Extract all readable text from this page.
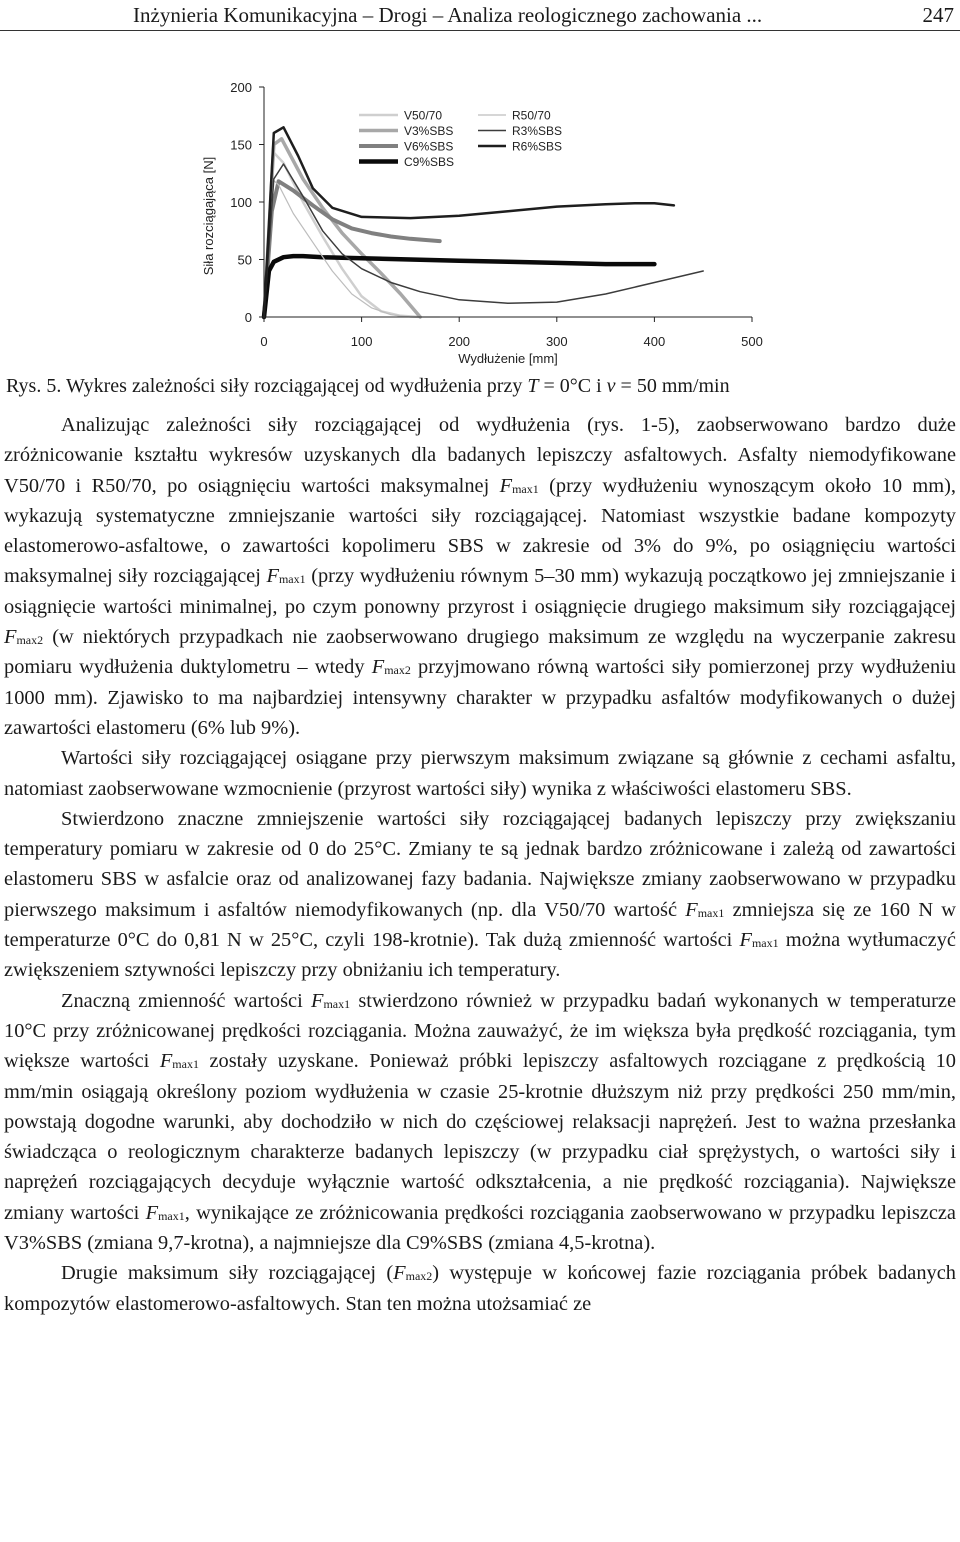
Inżynieria Komunikacyjna – Drogi – Analiza reologicznego zachowania ...	247
0
50
100
150
200
0	100	200	300	400	500
Wydłużenie [mm]
Siła rozciągająca [N]
V50/70
V3%SBS
V6%SBS
C9%SBS
R50/70
R3%SBS
R6%SBS
Rys. 5. Wykres zależności siły rozciągającej od wydłużenia przy T = 0°C i v = 50 mm/min

Analizując zależności siły rozciągającej od wydłużenia (rys. 1-5), zaobserwowano bardzo duże zróżnicowanie kształtu wykresów uzyskanych dla badanych lepiszczy asfaltowych. Asfalty niemodyfikowane V50/70 i R50/70, po osiągnięciu wartości maksymalnej $F_{max1}$ (przy wydłużeniu wynoszącym około 10 mm), wykazują systematyczne zmniejszanie wartości siły rozciągającej. Natomiast wszystkie badane kompozyty elastomerowo-asfaltowe, o zawartości kopolimeru SBS w zakresie od 3% do 9%, po osiągnięciu wartości maksymalnej siły rozciągającej $F_{max1}$ (przy wydłużeniu równym 5–30 mm) wykazują początkowo jej zmniejszanie i osiągnięcie wartości minimalnej, po czym ponowny przyrost i osiągnięcie drugiego maksimum siły rozciągającej $F_{max2}$ (w niektórych przypadkach nie zaobserwowano drugiego maksimum ze względu na wyczerpanie zakresu pomiaru wydłużenia duktylometru – wtedy $F_{max2}$ przyjmowano równą wartości siły pomierzonej przy wydłużeniu 1000 mm). Zjawisko to ma najbardziej intensywny charakter w przypadku asfaltów modyfikowanych o dużej zawartości elastomeru (6% lub 9%).

Wartości siły rozciągającej osiągane przy pierwszym maksimum związane są głównie z cechami asfaltu, natomiast zaobserwowane wzmocnienie (przyrost wartości siły) wynika z właściwości elastomeru SBS.

Stwierdzono znaczne zmniejszenie wartości siły rozciągającej badanych lepiszczy przy zwiększaniu temperatury pomiaru w zakresie od 0 do 25°C. Zmiany te są jednak bardzo zróżnicowane i zależą od zawartości elastomeru SBS w asfalcie oraz od analizowanej fazy badania. Największe zmiany zaobserwowano w przypadku pierwszego maksimum i asfaltów niemodyfikowanych (np. dla V50/70 wartość $F_{max1}$ zmniejsza się ze 160 N w temperaturze 0°C do 0,81 N w 25°C, czyli 198-krotnie). Tak dużą zmienność wartości $F_{max1}$ można wytłumaczyć zwiększeniem sztywności lepiszczy przy obniżaniu ich temperatury.

Znaczną zmienność wartości $F_{max1}$ stwierdzono również w przypadku badań wykonanych w temperaturze 10°C przy zróżnicowanej prędkości rozciągania. Można zauważyć, że im większa była prędkość rozciągania, tym większe wartości $F_{max1}$ zostały uzyskane. Ponieważ próbki lepiszczy asfaltowych rozciągane z prędkością 10 mm/min osiągają określony poziom wydłużenia w czasie 25-krotnie dłuższym niż przy prędkości 250 mm/min, powstają dogodne warunki, aby dochodziło w nich do częściowej relaksacji naprężeń. Jest to ważna przesłanka świadcząca o reologicznym charakterze badanych lepiszczy (w przypadku ciał sprężystych, o wartości siły i naprężeń rozciągających decyduje wyłącznie wartość odkształcenia, a nie prędkość rozciągania). Największe zmiany wartości $F_{max1}$, wynikające ze zróżnicowania prędkości rozciągania zaobserwowano w przypadku lepiszcza V3%SBS (zmiana 9,7-krotna), a najmniejsze dla C9%SBS (zmiana 4,5-krotna).

Drugie maksimum siły rozciągającej $(F_{max2})$ występuje w końcowej fazie rozciągania próbek badanych kompozytów elastomerowo-asfaltowych. Stan ten można utożsamiać ze
